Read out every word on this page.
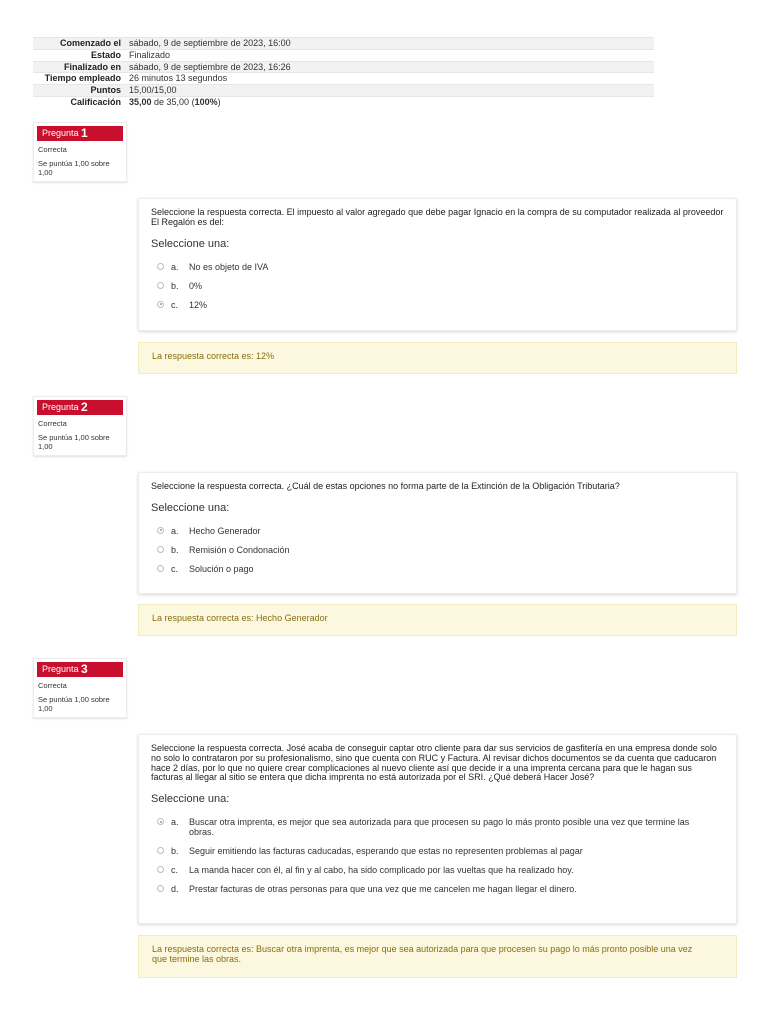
Comenzado el	sábado, 9 de septiembre de 2023, 16:00
Estado	Finalizado
Finalizado en	sábado, 9 de septiembre de 2023, 16:26
Tiempo empleado	26 minutos 13 segundos
Puntos	15,00/15,00
Calificación	35,00 de 35,00 (100%)
Pregunta 1
Correcta
Se puntúa 1,00 sobre 1,00
Seleccione la respuesta correcta. El impuesto al valor agregado que debe pagar Ignacio en la compra de su computador realizada al proveedor El Regalón es del:
Seleccione una:
a. No es objeto de IVA
b. 0%
c. 12%
La respuesta correcta es: 12%
Pregunta 2
Correcta
Se puntúa 1,00 sobre 1,00
Seleccione la respuesta correcta. ¿Cuál de estas opciones no forma parte de la Extinción de la Obligación Tributaria?
Seleccione una:
a. Hecho Generador
b. Remisión o Condonación
c. Solución o pago
La respuesta correcta es: Hecho Generador
Pregunta 3
Correcta
Se puntúa 1,00 sobre 1,00
Seleccione la respuesta correcta. José acaba de conseguir captar otro cliente para dar sus servicios de gasfitería en una empresa donde solo no solo lo contrataron por su profesionalismo, sino que cuenta con RUC y Factura. Al revisar dichos documentos se da cuenta que caducaron hace 2 días, por lo que no quiere crear complicaciones al nuevo cliente así que decide ir a una imprenta cercana para que le hagan sus facturas al llegar al sitio se entera que dicha imprenta no está autorizada por el SRI. ¿Qué deberá Hacer José?
Seleccione una:
a. Buscar otra imprenta, es mejor que sea autorizada para que procesen su pago lo más pronto posible una vez que termine las obras.
b. Seguir emitiendo las facturas caducadas, esperando que estas no representen problemas al pagar
c. La manda hacer con él, al fin y al cabo, ha sido complicado por las vueltas que ha realizado hoy.
d. Prestar facturas de otras personas para que una vez que me cancelen me hagan llegar el dinero.
La respuesta correcta es: Buscar otra imprenta, es mejor que sea autorizada para que procesen su pago lo más pronto posible una vez que termine las obras.
